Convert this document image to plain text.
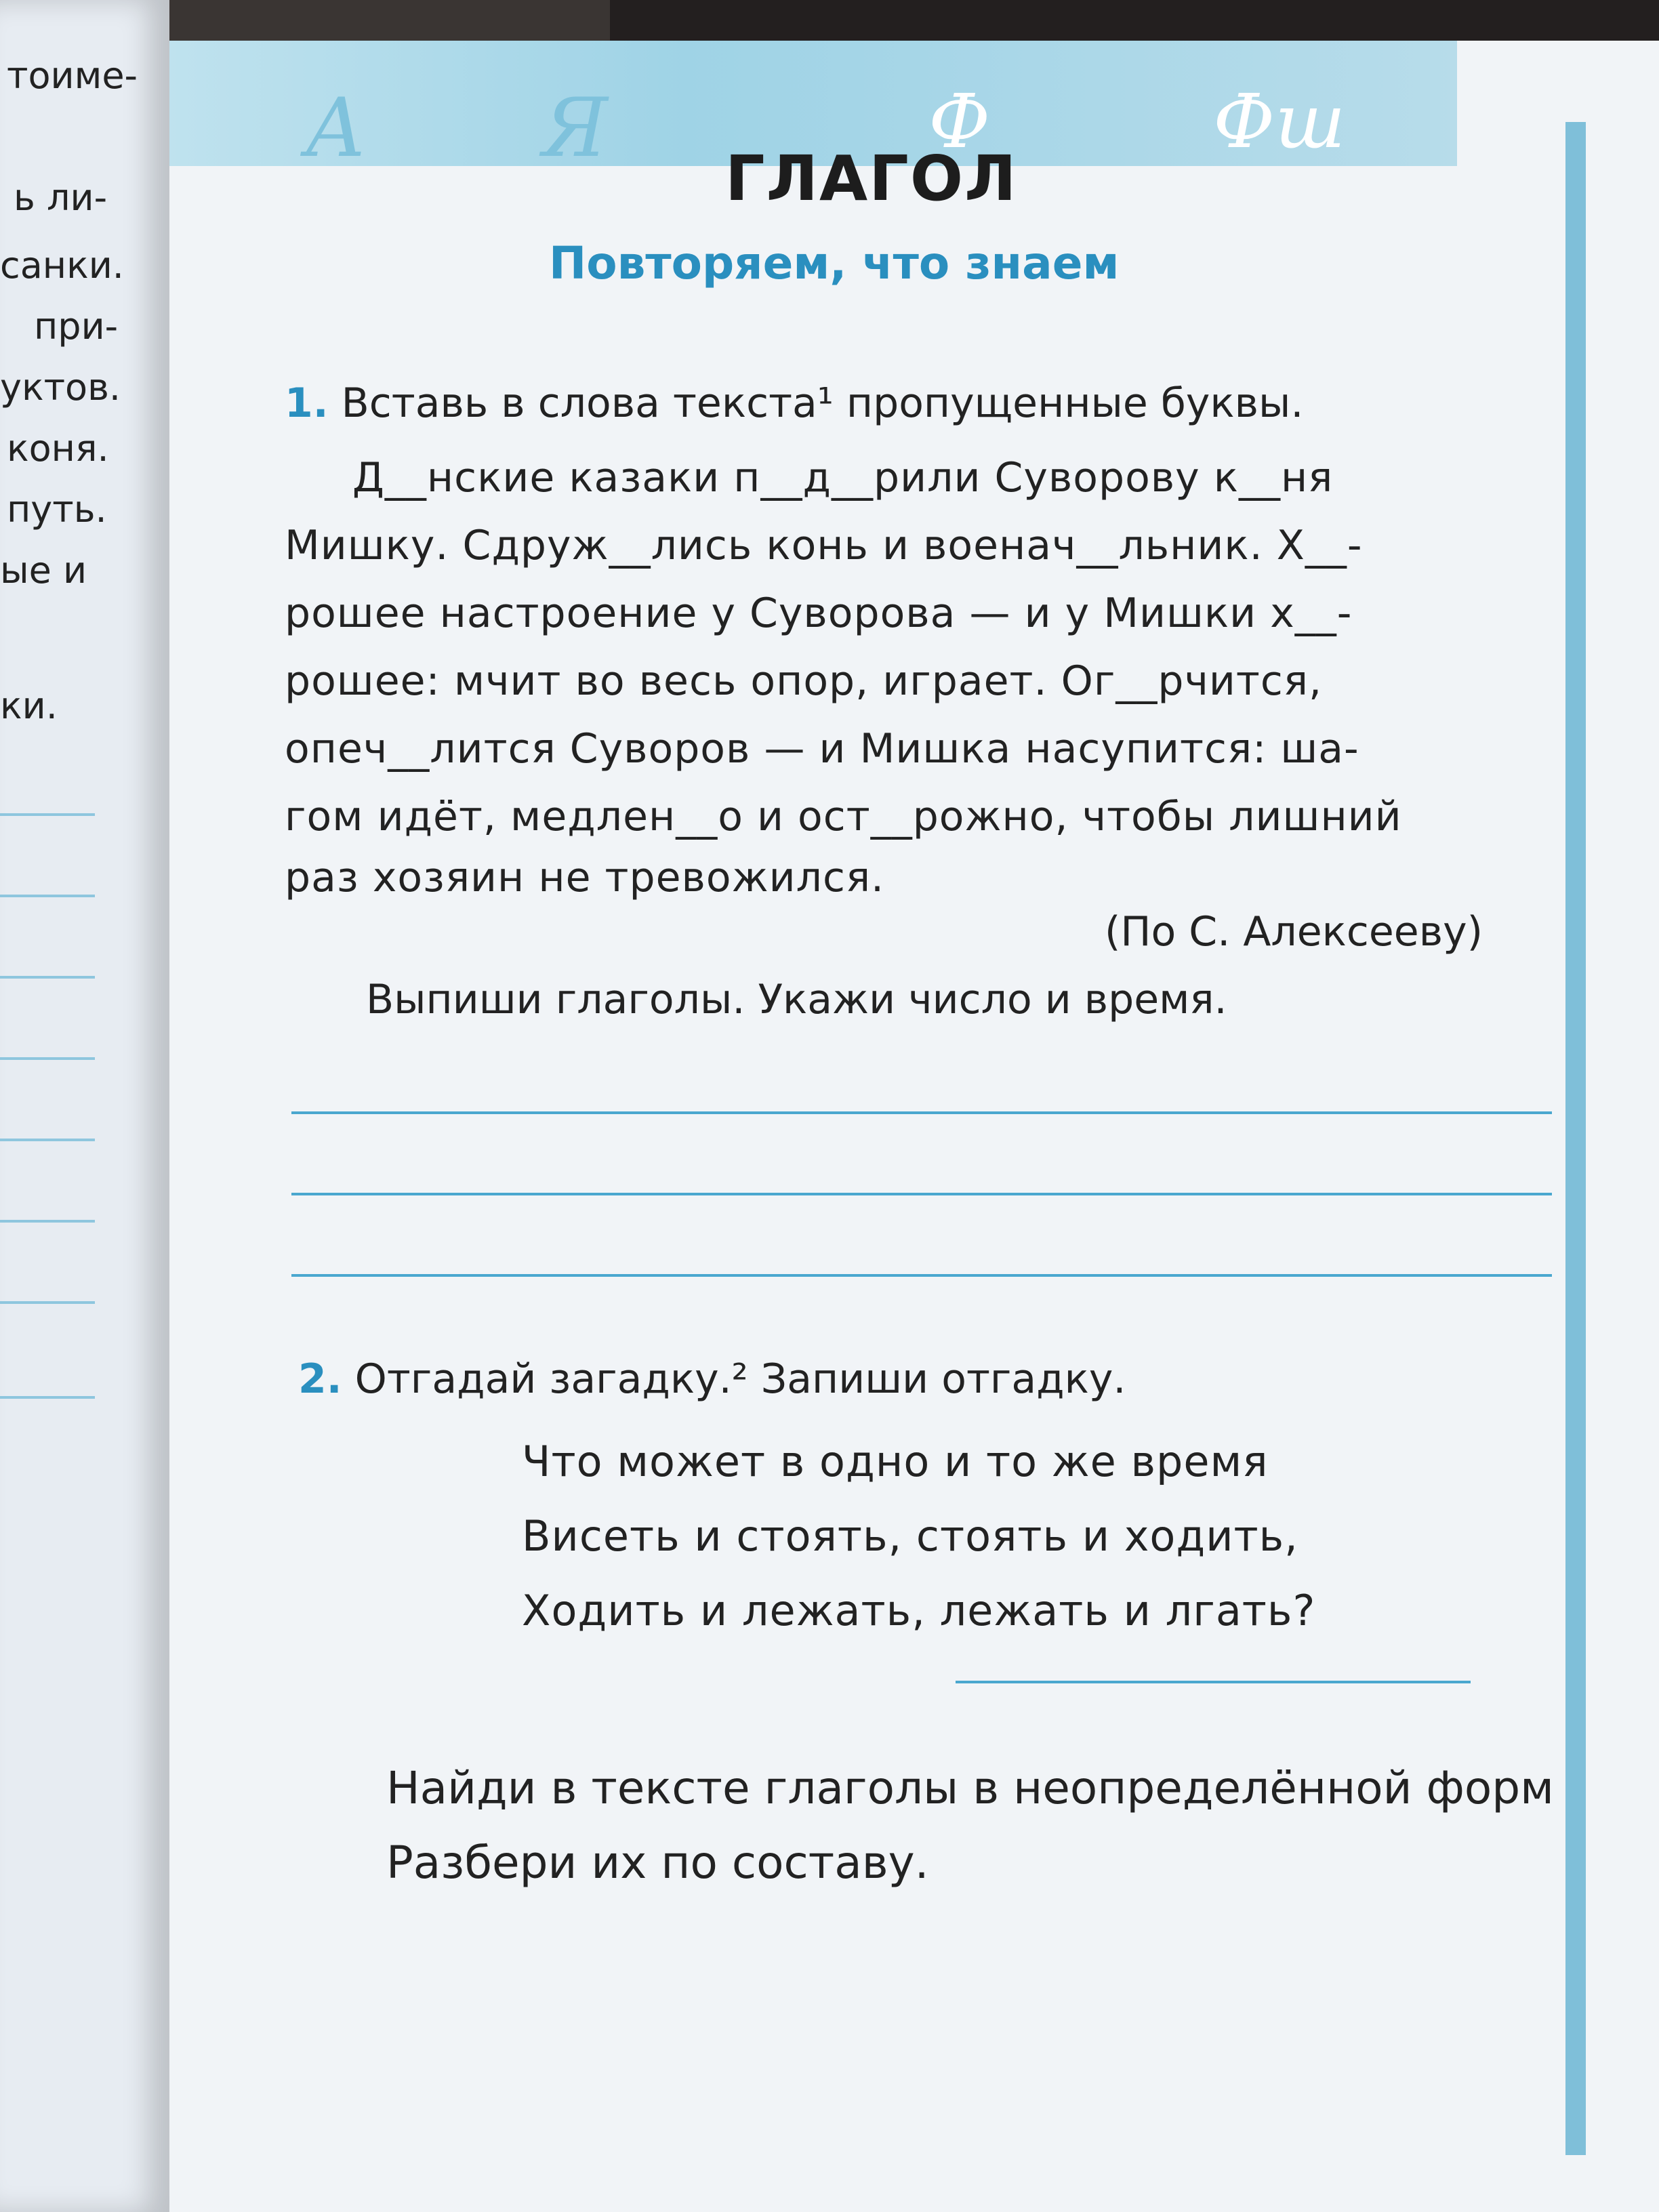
тоиме-
ь ли-
санки.
при-
уктов.
коня.
путь.
ые и
ки.
А Я	Ф	Фш
ГЛАГОЛ
Повторяем, что знаем
1. Вставь в слова текста¹ пропущенные буквы.
Д__нские казаки п__д__рили Суворову к__ня
Мишку. Сдруж__лись конь и военач__льник. Х__-
рошее настроение у Суворова — и у Мишки х__-
рошее: мчит во весь опор, играет. Ог__рчится,
опеч__лится Суворов — и Мишка насупится: ша-
гом идёт, медлен__о и ост__рожно, чтобы лишний
раз хозяин не тревожился.
(По С. Алексееву)
Выпиши глаголы. Укажи число и время.
2. Отгадай загадку.² Запиши отгадку.
Что может в одно и то же время
Висеть и стоять, стоять и ходить,
Ходить и лежать, лежать и лгать?
Найди в тексте глаголы в неопределённой форм
Разбери их по составу.
